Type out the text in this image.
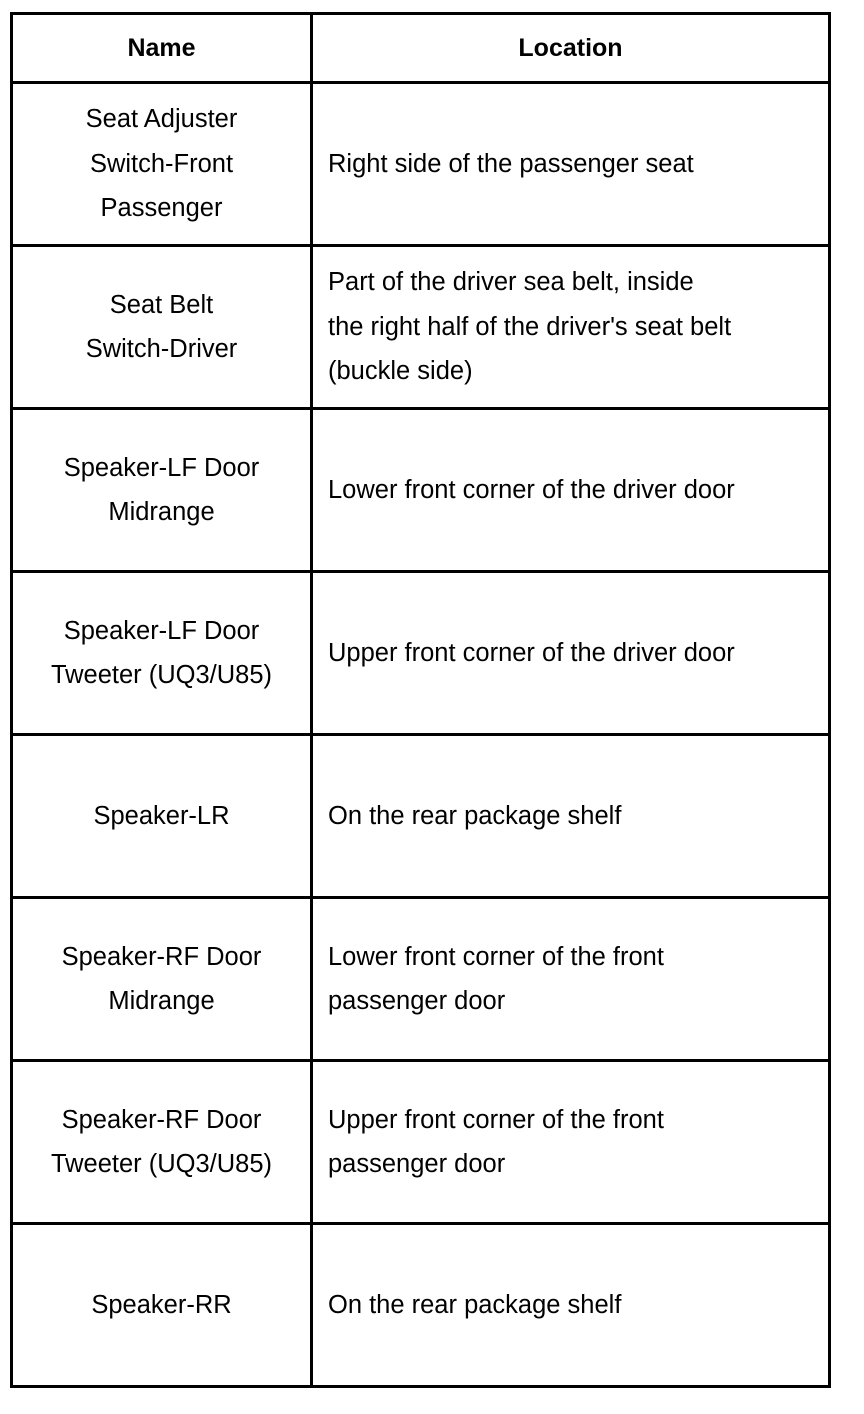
Name	Location

Seat Adjuster
Switch-Front
Passenger	Right side of the passenger seat

Seat Belt
Switch-Driver	Part of the driver sea belt, inside
the right half of the driver's seat belt
(buckle side)

Speaker-LF Door
Midrange	Lower front corner of the driver door

Speaker-LF Door
Tweeter (UQ3/U85)	Upper front corner of the driver door

Speaker-LR	On the rear package shelf

Speaker-RF Door
Midrange	Lower front corner of the front
passenger door

Speaker-RF Door
Tweeter (UQ3/U85)	Upper front corner of the front
passenger door

Speaker-RR	On the rear package shelf
